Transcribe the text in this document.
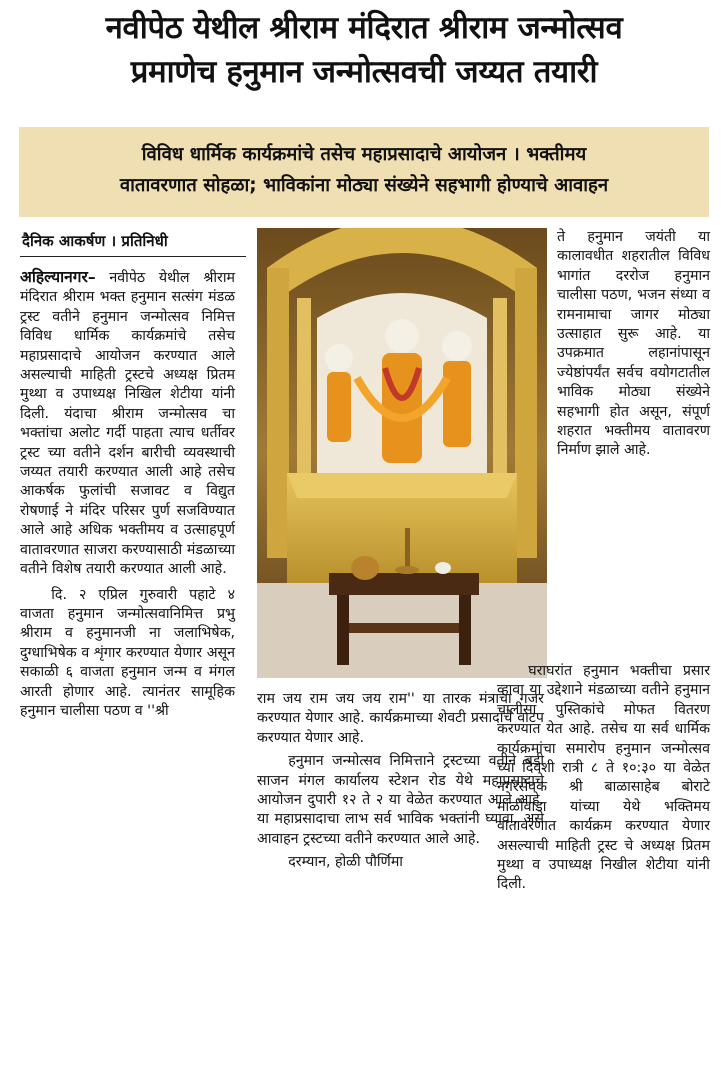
नवीपेठ येथील श्रीराम मंदिरात श्रीराम जन्मोत्सव
प्रमाणेच हनुमान जन्मोत्सवची जय्यत तयारी
विविध धार्मिक कार्यक्रमांचे तसेच महाप्रसादाचे आयोजन । भक्तीमय
वातावरणात सोहळा; भाविकांना मोठ्या संख्येने सहभागी होण्याचे आवाहन
दैनिक आकर्षण । प्रतिनिधी

अहिल्यानगर– नवीपेठ येथील श्रीराम मंदिरात श्रीराम भक्त हनुमान सत्संग मंडळ ट्रस्ट वतीने हनुमान जन्मोत्सव निमित्त विविध धार्मिक कार्यक्रमांचे तसेच महाप्रसादाचे आयोजन करण्यात आले असल्याची माहिती ट्रस्टचे अध्यक्ष प्रितम मुथ्था व उपाध्यक्ष निखिल शेटीया यांनी दिली. यंदाचा श्रीराम जन्मोत्सव चा भक्तांचा अलोट गर्दी पाहता त्याच धर्तीवर ट्रस्ट च्या वतीने दर्शन बारीची व्यवस्थाची जय्यत तयारी करण्यात आली आहे तसेच आकर्षक फुलांची सजावट व विद्युत रोषणाई ने मंदिर परिसर पुर्ण सजविण्यात आले आहे अधिक भक्तीमय व उत्साहपूर्ण वातावरणात साजरा करण्यासाठी मंडळाच्या वतीने विशेष तयारी करण्यात आली आहे.

दि. २ एप्रिल गुरुवारी पहाटे ४ वाजता हनुमान जन्मोत्सवानिमित्त प्रभु श्रीराम व हनुमानजी ना जलाभिषेक, दुग्धाभिषेक व शृंगार करण्यात येणार असून सकाळी ६ वाजता हनुमान जन्म व मंगल आरती होणार आहे. त्यानंतर सामूहिक हनुमान चालीसा पठण व ''श्री

राम जय राम जय जय राम'' या तारक मंत्राचा गजर करण्यात येणार आहे. कार्यक्रमाच्या शेवटी प्रसादाचे वाटप करण्यात येणार आहे.

हनुमान जन्मोत्सव निमित्ताने ट्रस्टच्या वतीने बडी साजन मंगल कार्यालय स्टेशन रोड येथे महाप्रसादाचे आयोजन दुपारी १२ ते २ या वेळेत करण्यात आले आहे. या महाप्रसादाचा लाभ सर्व भाविक भक्तांनी घ्यावा, असे आवाहन ट्रस्टच्या वतीने करण्यात आले आहे.

दरम्यान, होळी पौर्णिमा

ते हनुमान जयंती या कालावधीत शहरातील विविध भागांत दररोज हनुमान चालीसा पठण, भजन संध्या व रामनामाचा जागर मोठ्या उत्साहात सुरू आहे. या उपक्रमात लहानांपासून ज्येष्ठांपर्यंत सर्वच वयोगटातील भाविक मोठ्या संख्येने सहभागी होत असून, संपूर्ण शहरात भक्तीमय वातावरण निर्माण झाले आहे.

घराघरांत हनुमान भक्तीचा प्रसार व्हावा या उद्देशाने मंडळाच्या वतीने हनुमान चालीसा पुस्तिकांचे मोफत वितरण करण्यात येत आहे. तसेच या सर्व धार्मिक कार्यक्रमांचा समारोप हनुमान जन्मोत्सव च्या दिवशी रात्री ८ ते १०:३० या वेळेत नगरसेवक श्री बाळासाहेब बोराटे माळीवाडा यांच्या येथे भक्तिमय वातावरणात कार्यक्रम करण्यात येणार असल्याची माहिती ट्रस्ट चे अध्यक्ष प्रितम मुथ्था व उपाध्यक्ष निखील शेटीया यांनी दिली.
